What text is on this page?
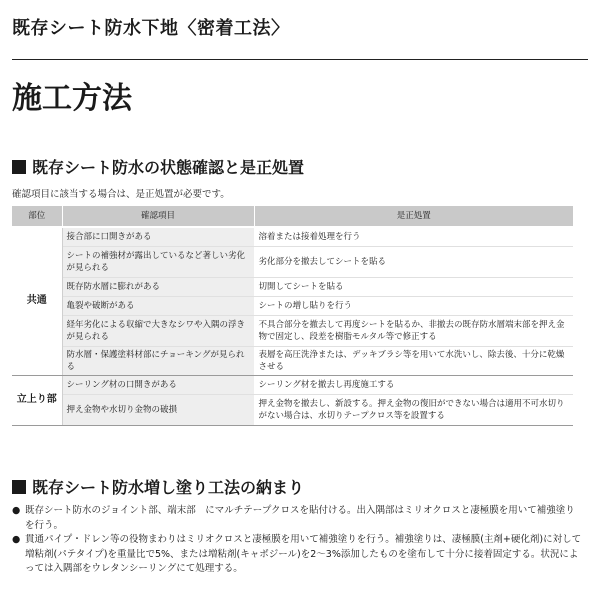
既存シート防水下地〈密着工法〉
施工方法
既存シート防水の状態確認と是正処置
確認項目に該当する場合は、是正処置が必要です。
部位	確認項目	是正処置
共通	接合部に口開きがある	溶着または接着処理を行う
	シートの補強材が露出しているなど著しい劣化が見られる	劣化部分を撤去してシートを貼る
	既存防水層に膨れがある	切開してシートを貼る
	亀裂や破断がある	シートの増し貼りを行う
	経年劣化による収縮で大きなシワや入隅の浮きが見られる	不具合部分を撤去して再度シートを貼るか、非撤去の既存防水層端末部を押え金物で固定し、段差を樹脂モルタル等で修正する
	防水層・保護塗料材部にチョーキングが見られる	表層を高圧洗浄または、デッキブラシ等を用いて水洗いし、除去後、十分に乾燥させる
立上り部	シーリング材の口開きがある	シーリング材を撤去し再度施工する
	押え金物や水切り金物の破損	押え金物を撤去し、新設する。押え金物の復旧ができない場合は適用不可水切りがない場合は、水切りテープクロス等を設置する
既存シート防水増し塗り工法の納まり
● 既存シート防水のジョイント部、端末部　にマルチテープクロスを貼付ける。出入隅部はミリオクロスと凄極膜を用いて補強塗りを行う。
● 貫通パイプ・ドレン等の役物まわりはミリオクロスと凄極膜を用いて補強塗りを行う。補強塗りは、凄極膜(主剤+硬化剤)に対して増粘剤(パテタイプ)を重量比で5%、または増粘剤(キャボジール)を2～3%添加したものを塗布して十分に接着固定する。状況によっては入隅部をウレタンシーリングにて処理する。
